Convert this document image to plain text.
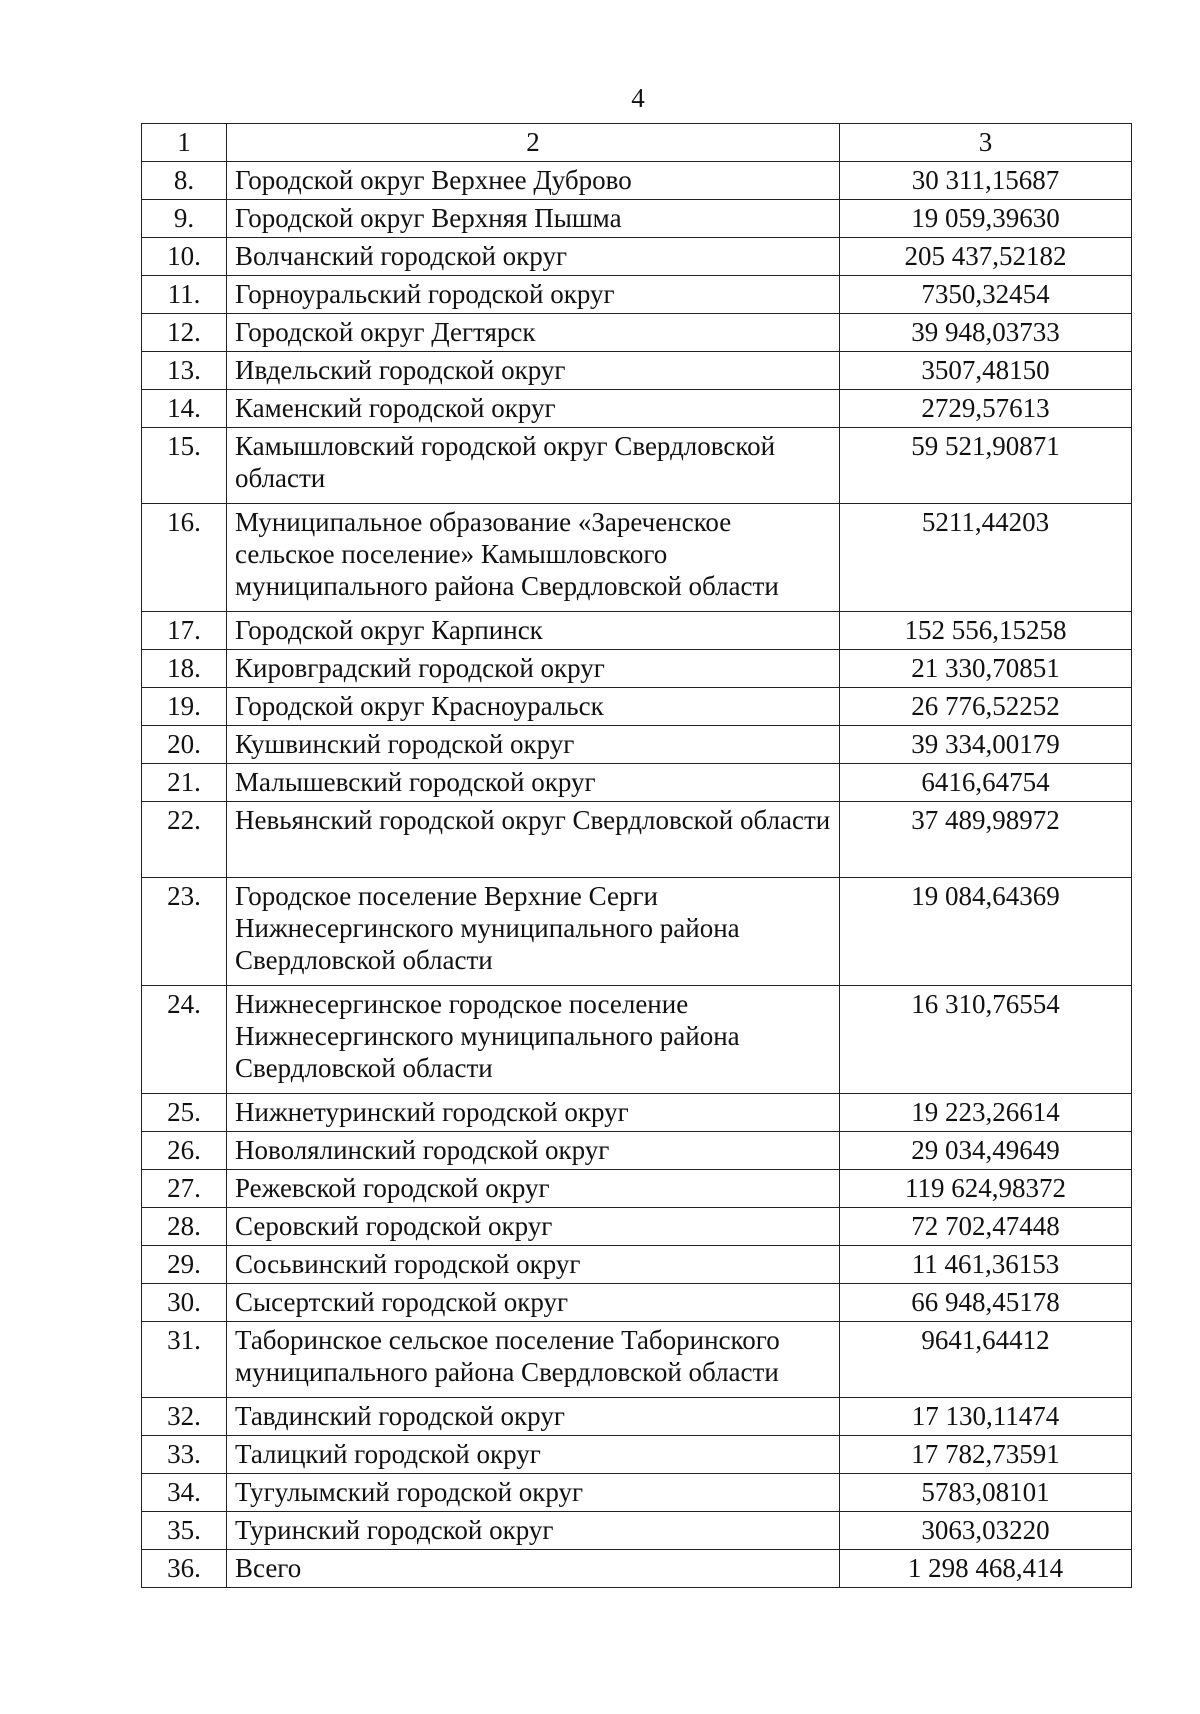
4
1	2	3
8.	Городской округ Верхнее Дуброво	30 311,15687
9.	Городской округ Верхняя Пышма	19 059,39630
10.	Волчанский городской округ	205 437,52182
11.	Горноуральский городской округ	7350,32454
12.	Городской округ Дегтярск	39 948,03733
13.	Ивдельский городской округ	3507,48150
14.	Каменский городской округ	2729,57613
15.	Камышловский городской округ Свердловской области	59 521,90871
16.	Муниципальное образование «Зареченское сельское поселение» Камышловского муниципального района Свердловской области	5211,44203
17.	Городской округ Карпинск	152 556,15258
18.	Кировградский городской округ	21 330,70851
19.	Городской округ Красноуральск	26 776,52252
20.	Кушвинский городской округ	39 334,00179
21.	Малышевский городской округ	6416,64754
22.	Невьянский городской округ Свердловской области	37 489,98972
23.	Городское поселение Верхние Серги Нижнесергинского муниципального района Свердловской области	19 084,64369
24.	Нижнесергинское городское поселение Нижнесергинского муниципального района Свердловской области	16 310,76554
25.	Нижнетуринский городской округ	19 223,26614
26.	Новолялинский городской округ	29 034,49649
27.	Режевской городской округ	119 624,98372
28.	Серовский городской округ	72 702,47448
29.	Сосьвинский городской округ	11 461,36153
30.	Сысертский городской округ	66 948,45178
31.	Таборинское сельское поселение Таборинского муниципального района Свердловской области	9641,64412
32.	Тавдинский городской округ	17 130,11474
33.	Талицкий городской округ	17 782,73591
34.	Тугулымский городской округ	5783,08101
35.	Туринский городской округ	3063,03220
36.	Всего	1 298 468,414
